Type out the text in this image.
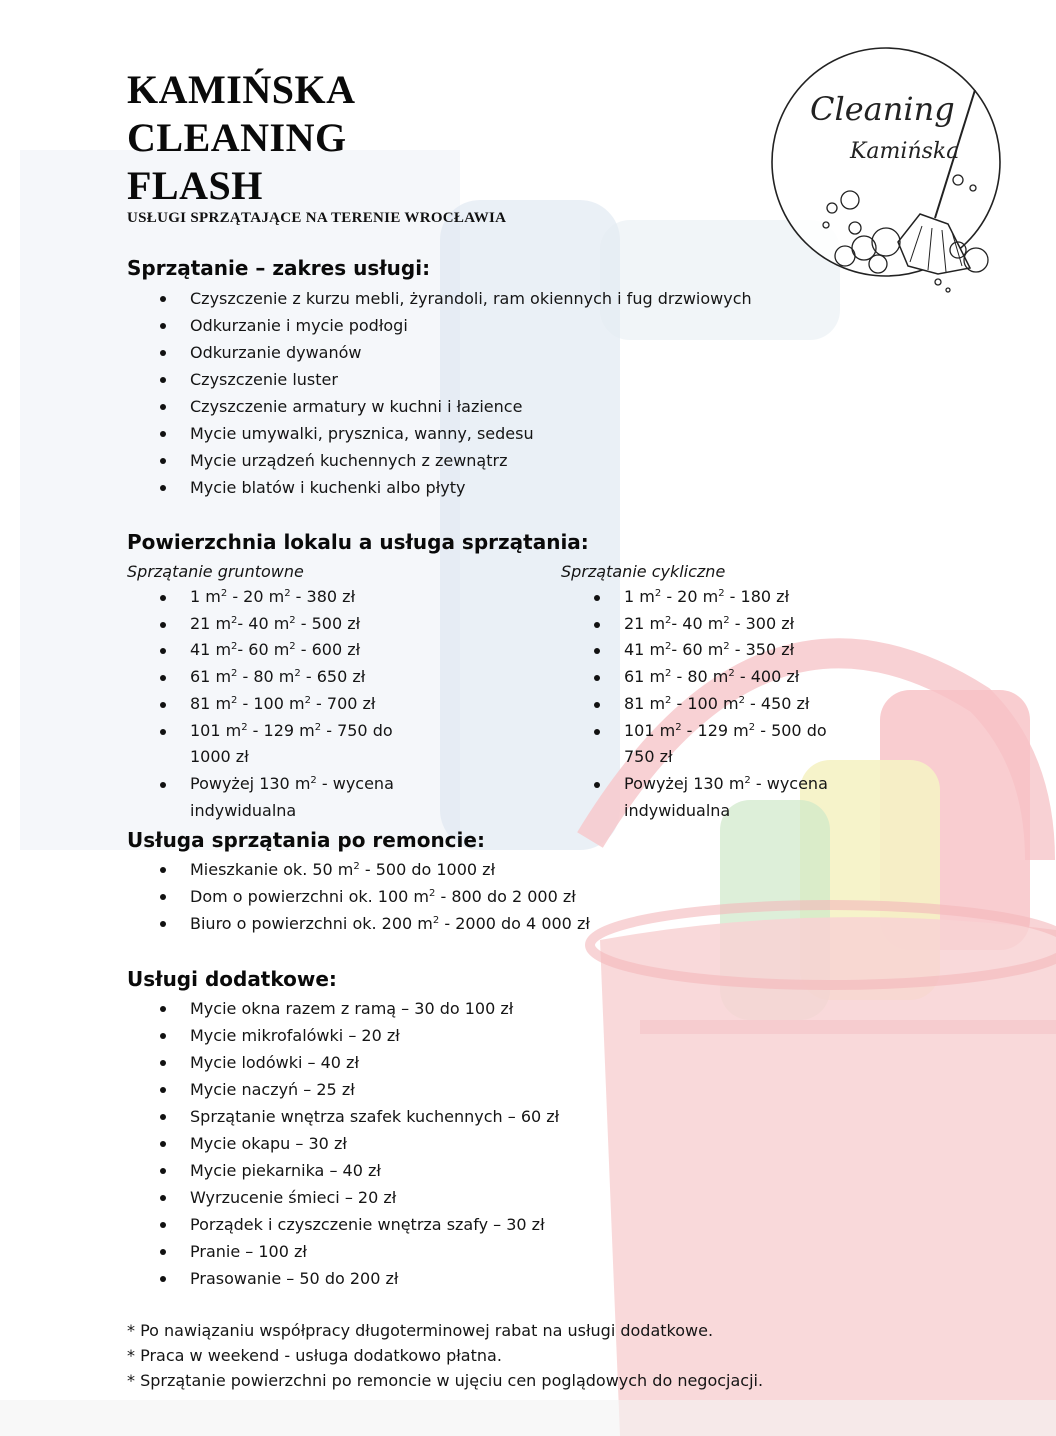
KAMIŃSKA
CLEANING
FLASH
USŁUGI SPRZĄTAJĄCE NA TERENIE WROCŁAWIA
Cleaning
Kamińska
Sprzątanie – zakres usługi:
Czyszczenie z kurzu mebli, żyrandoli, ram okiennych i fug drzwiowych
Odkurzanie i mycie podłogi
Odkurzanie dywanów
Czyszczenie luster
Czyszczenie armatury w kuchni i łazience
Mycie umywalki, prysznica, wanny, sedesu
Mycie urządzeń kuchennych z zewnątrz
Mycie blatów i kuchenki albo płyty
Powierzchnia lokalu a usługa sprzątania:
Sprzątanie gruntowne	Sprzątanie cykliczne
1 $m^2 - 20$ $m^2 - 380$ zł
21 $m^2-$ 40 $m^2 - 500$ zł
41 $m^2-$ 60 $m^2 - 600$ zł
61 $m^2 - 80$ $m^2 - 650$ zł
81 $m^2 - 100$ $m^2 - 700$ zł
101 $m^2 - 129$ $m^2 - 750$ do 1000 zł
Powyżej 130 $m^2$ - wycena indywidualna
1 $m^2 - 20$ $m^2 - 180$ zł
21 $m^2-$ 40 $m^2 - 300$ zł
41 $m^2-$ 60 $m^2 - 350$ zł
61 $m^2 - 80$ $m^2 - 400$ zł
81 $m^2 - 100$ $m^2 - 450$ zł
101 $m^2 - 129$ $m^2 - 500$ do 750 zł
Powyżej 130 $m^2$ - wycena indywidualna
Usługa sprzątania po remoncie:
Mieszkanie ok. 50 $m^2 - 500$ do 1000 zł
Dom o powierzchni ok. 100 $m^2 - 800$ do 2 000 zł
Biuro o powierzchni ok. 200 $m^2 - 2000$ do 4 000 zł
Usługi dodatkowe:
Mycie okna razem z ramą – 30 do 100 zł
Mycie mikrofalówki – 20 zł
Mycie lodówki – 40 zł
Mycie naczyń – 25 zł
Sprzątanie wnętrza szafek kuchennych – 60 zł
Mycie okapu – 30 zł
Mycie piekarnika – 40 zł
Wyrzucenie śmieci – 20 zł
Porządek i czyszczenie wnętrza szafy – 30 zł
Pranie – 100 zł
Prasowanie – 50 do 200 zł

* Po nawiązaniu współpracy długoterminowej rabat na usługi dodatkowe.

* Praca w weekend - usługa dodatkowo płatna.

* Sprzątanie powierzchni po remoncie w ujęciu cen poglądowych do negocjacji.
